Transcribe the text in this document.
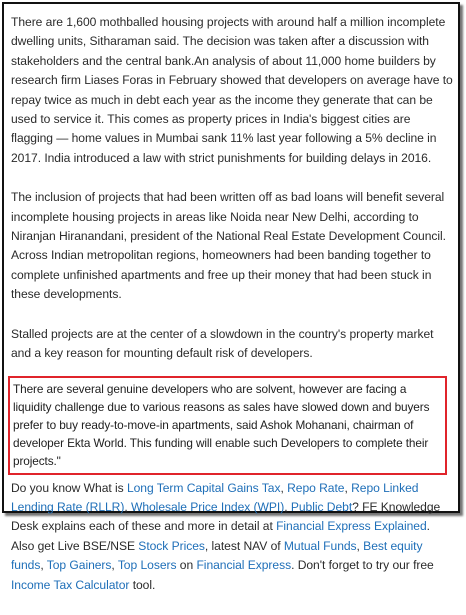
There are 1,600 mothballed housing projects with around half a million incomplete dwelling units, Sitharaman said. The decision was taken after a discussion with stakeholders and the central bank.An analysis of about 11,000 home builders by research firm Liases Foras in February showed that developers on average have to repay twice as much in debt each year as the income they generate that can be used to service it. This comes as property prices in India's biggest cities are flagging — home values in Mumbai sank 11% last year following a 5% decline in 2017. India introduced a law with strict punishments for building delays in 2016.

The inclusion of projects that had been written off as bad loans will benefit several incomplete housing projects in areas like Noida near New Delhi, according to Niranjan Hiranandani, president of the National Real Estate Development Council. Across Indian metropolitan regions, homeowners had been banding together to complete unfinished apartments and free up their money that had been stuck in these developments.

Stalled projects are at the center of a slowdown in the country's property market and a key reason for mounting default risk of developers.

There are several genuine developers who are solvent, however are facing a liquidity challenge due to various reasons as sales have slowed down and buyers prefer to buy ready-to-move-in apartments, said Ashok Mohanani, chairman of developer Ekta World. This funding will enable such Developers to complete their projects."

Do you know What is Long Term Capital Gains Tax, Repo Rate, Repo Linked Lending Rate (RLLR), Wholesale Price Index (WPI), Public Debt? FE Knowledge Desk explains each of these and more in detail at Financial Express Explained. Also get Live BSE/NSE Stock Prices, latest NAV of Mutual Funds, Best equity funds, Top Gainers, Top Losers on Financial Express. Don't forget to try our free Income Tax Calculator tool.
